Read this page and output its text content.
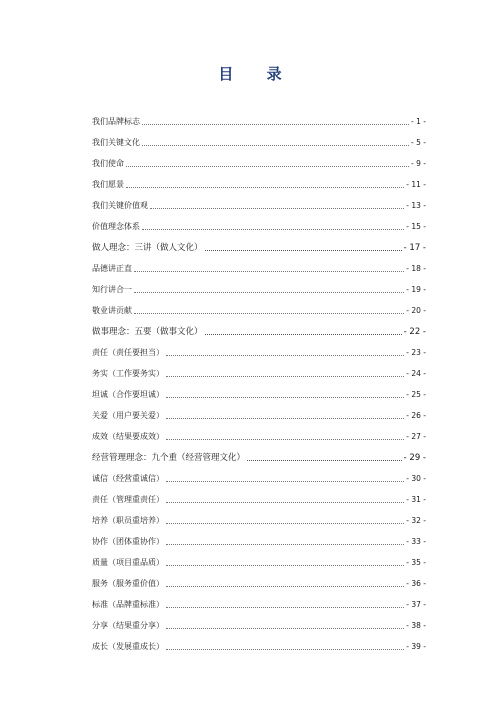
目 录
我们品牌标志	- 1 -
我们关键文化	- 5 -
我们使命	- 9 -
我们愿景	- 11 -
我们关键价值观	- 13 -
价值理念体系	- 15 -
做人理念：三讲（做人文化）	- 17 -
品德讲正直	- 18 -
知行讲合一	- 19 -
敬业讲贡献	- 20 -
做事理念：五要（做事文化）	- 22 -
责任（责任要担当）	- 23 -
务实（工作要务实）	- 24 -
坦诚（合作要坦诚）	- 25 -
关爱（用户要关爱）	- 26 -
成效（结果要成效）	- 27 -
经营管理理念：九个重（经营管理文化）	- 29 -
诚信（经营重诚信）	- 30 -
责任（管理重责任）	- 31 -
培养（职员重培养）	- 32 -
协作（团体重协作）	- 33 -
质量（项目重品质）	- 35 -
服务（服务重价值）	- 36 -
标准（品牌重标准）	- 37 -
分享（结果重分享）	- 38 -
成长（发展重成长）	- 39 -
